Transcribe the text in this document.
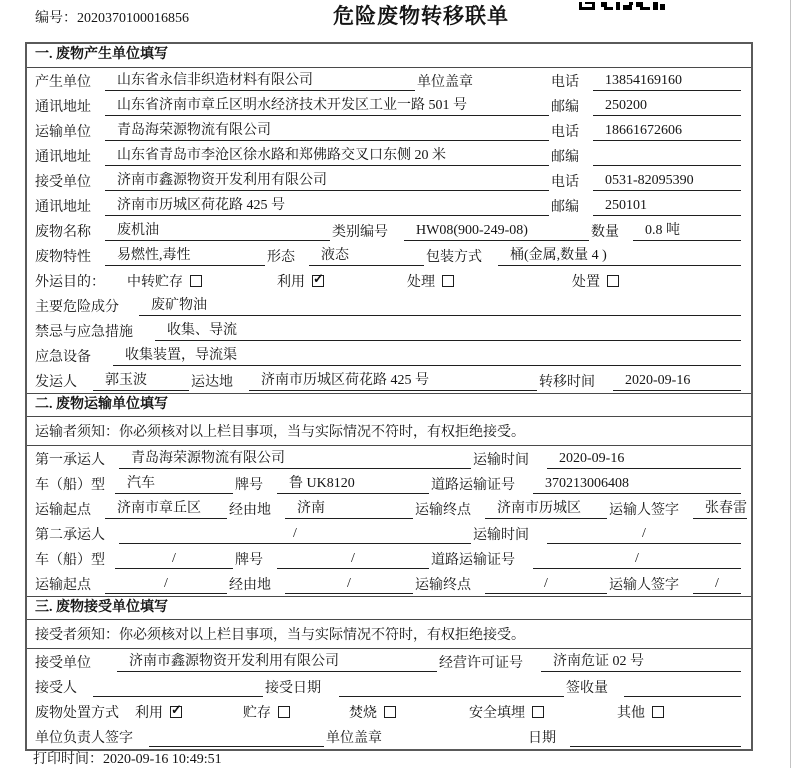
编号：2020370100016856	危险废物转移联单
一. 废物产生单位填写
产生单位	山东省永信非织造材料有限公司	单位盖章	电话	13854169160
通讯地址	山东省济南市章丘区明水经济技术开发区工业一路 501 号	邮编	250200
运输单位	青岛海荣源物流有限公司	电话	18661672606
通讯地址	山东省青岛市李沧区徐水路和郑佛路交叉口东侧 20 米	邮编
接受单位	济南市鑫源物资开发利用有限公司	电话	0531-82095390
通讯地址	济南市历城区荷花路 425 号	邮编	250101
废物名称	废机油	类别编号	HW08(900-249-08)	数量	0.8 吨
废物特性	易燃性,毒性	形态	液态	包装方式	桶(金属,数量 4 )
外运目的：	中转贮存	利用 ✓	处理	处置
主要危险成分	废矿物油
禁忌与应急措施	收集、导流
应急设备	收集装置，导流渠
发运人	郭玉波	运达地	济南市历城区荷花路 425 号	转移时间	2020-09-16
二. 废物运输单位填写
运输者须知：你必须核对以上栏目事项，当与实际情况不符时，有权拒绝接受。
第一承运人	青岛海荣源物流有限公司	运输时间	2020-09-16
车（船）型	汽车	牌号	鲁 UK8120	道路运输证号	370213006408
运输起点	济南市章丘区	经由地	济南	运输终点	济南市历城区	运输人签字	张春雷
第二承运人	/	运输时间	/
车（船）型	/	牌号	/	道路运输证号	/
运输起点	/	经由地	/	运输终点	/	运输人签字	/
三. 废物接受单位填写
接受者须知：你必须核对以上栏目事项，当与实际情况不符时，有权拒绝接受。
接受单位	济南市鑫源物资开发利用有限公司	经营许可证号	济南危证 02 号
接受人	接受日期	签收量
废物处置方式	利用 ✓	贮存	焚烧	安全填埋	其他
单位负责人签字	单位盖章	日期
打印时间：2020-09-16 10:49:51
